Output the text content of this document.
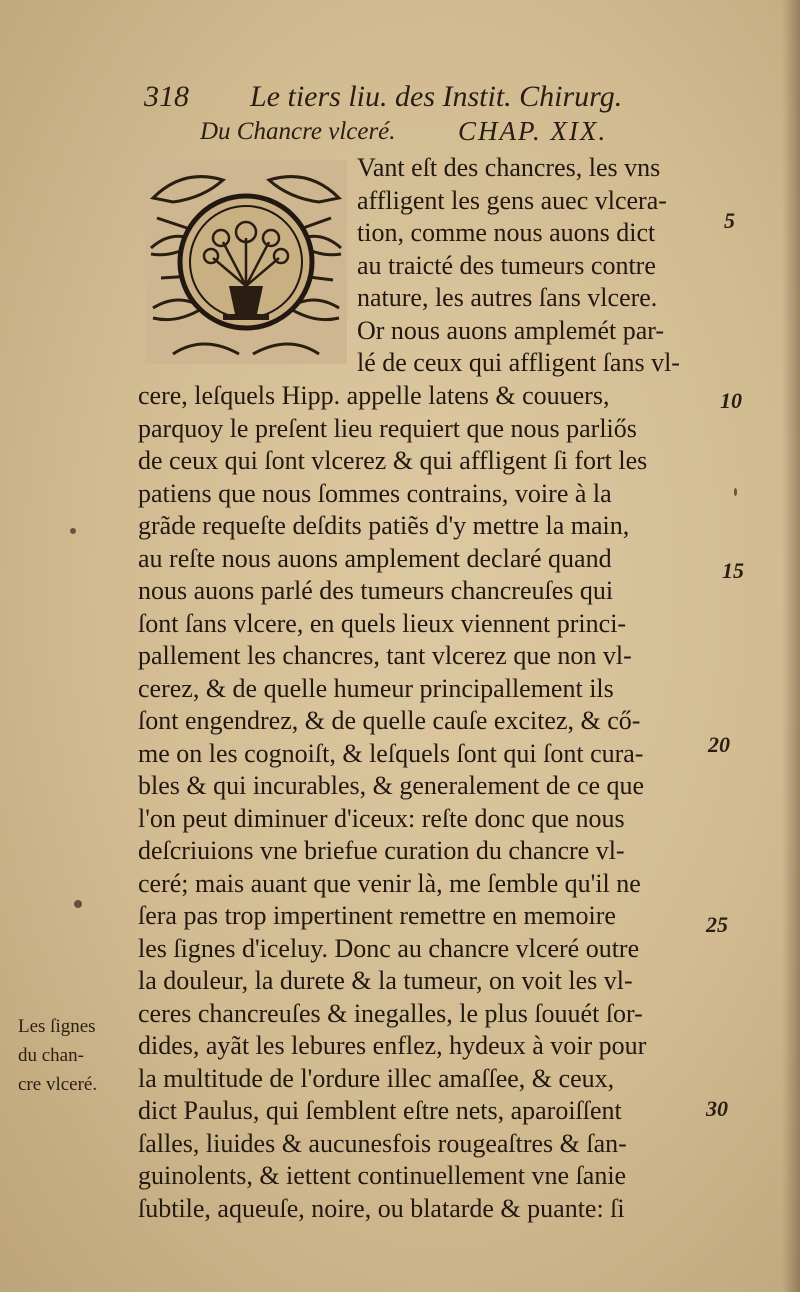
318 Le tiers liu. des Instit. Chirurg.
Du Chancre vlceré. CHAP. XIX.
Vant eſt des chancres, les vns
affligent les gens auec vlcera-
tion, comme nous auons dict
au traicté des tumeurs contre
nature, les autres ſans vlcere.
Or nous auons amplemét par-
lé de ceux qui affligent ſans vl-
cere, leſquels Hipp. appelle latens & couuers,
parquoy le preſent lieu requiert que nous parliős
de ceux qui ſont vlcerez & qui affligent ſi fort les
patiens que nous ſommes contrains, voire à la
grãde requeſte deſdits patiẽs d'y mettre la main,
au reſte nous auons amplement declaré quand
nous auons parlé des tumeurs chancreuſes qui
ſont ſans vlcere, en quels lieux viennent princi-
pallement les chancres, tant vlcerez que non vl-
cerez, & de quelle humeur principallement ils
ſont engendrez, & de quelle cauſe excitez, & cő-
me on les cognoiſt, & leſquels ſont qui ſont cura-
bles & qui incurables, & generalement de ce que
l'on peut diminuer d'iceux: reſte donc que nous
deſcriuions vne briefue curation du chancre vl-
ceré; mais auant que venir là, me ſemble qu'il ne
ſera pas trop impertinent remettre en memoire
les ſignes d'iceluy. Donc au chancre vlceré outre
la douleur, la durete & la tumeur, on voit les vl-
ceres chancreuſes & inegalles, le plus ſouuét ſor-
dides, ayãt les lebures enflez, hydeux à voir pour
la multitude de l'ordure illec amaſſee, & ceux,
dict Paulus, qui ſemblent eſtre nets, aparoiſſent
ſalles, liuides & aucunesfois rougeaſtres & ſan-
guinolents, & iettent continuellement vne ſanie
ſubtile, aqueuſe, noire, ou blatarde & puante: ſi
5
10
15
20
25
30
Les ſignes
du chan-
cre vlceré.
